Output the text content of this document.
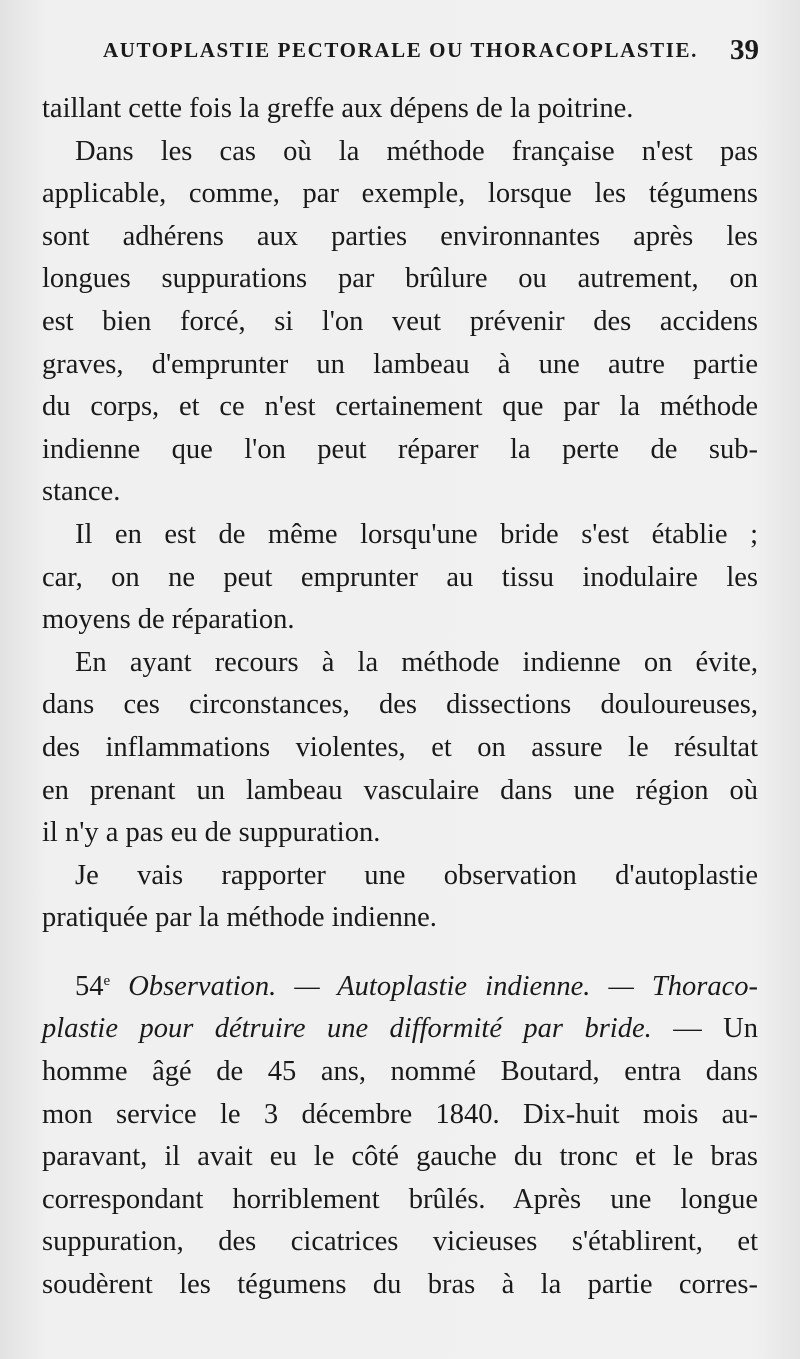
AUTOPLASTIE PECTORALE OU THORACOPLASTIE. 39
taillant cette fois la greffe aux dépens de la poitrine.
Dans les cas où la méthode française n'est pas
applicable, comme, par exemple, lorsque les tégumens
sont adhérens aux parties environnantes après les
longues suppurations par brûlure ou autrement, on
est bien forcé, si l'on veut prévenir des accidens
graves, d'emprunter un lambeau à une autre partie
du corps, et ce n'est certainement que par la méthode
indienne que l'on peut réparer la perte de sub-
stance.
Il en est de même lorsqu'une bride s'est établie ;
car, on ne peut emprunter au tissu inodulaire les
moyens de réparation.
En ayant recours à la méthode indienne on évite,
dans ces circonstances, des dissections douloureuses,
des inflammations violentes, et on assure le résultat
en prenant un lambeau vasculaire dans une région où
il n'y a pas eu de suppuration.
Je vais rapporter une observation d'autoplastie
pratiquée par la méthode indienne.
54e Observation. — Autoplastie indienne. — Thoraco-
plastie pour détruire une difformité par bride. — Un
homme âgé de 45 ans, nommé Boutard, entra dans
mon service le 3 décembre 1840. Dix-huit mois au-
paravant, il avait eu le côté gauche du tronc et le bras
correspondant horriblement brûlés. Après une longue
suppuration, des cicatrices vicieuses s'établirent, et
soudèrent les tégumens du bras à la partie corres-
